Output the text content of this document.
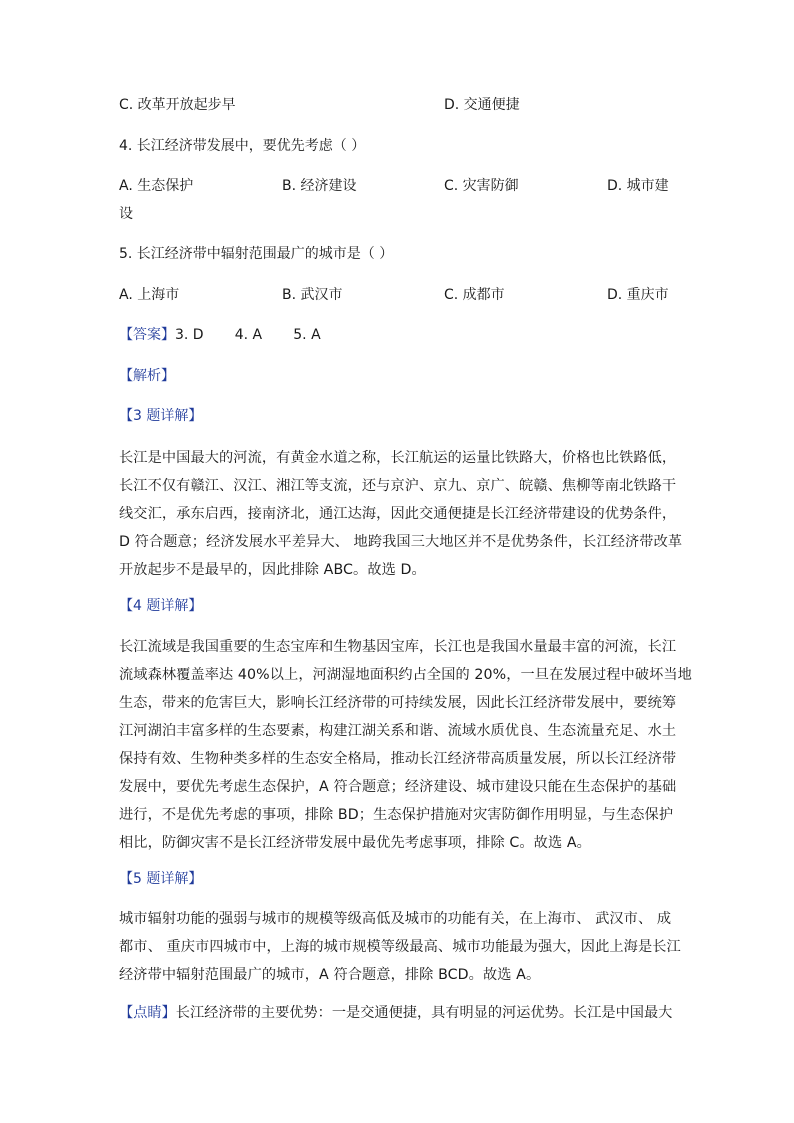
C. 改革开放起步早	D. 交通便捷
4. 长江经济带发展中，要优先考虑（ ）
A. 生态保护	B. 经济建设	C. 灾害防御	D. 城市建
设
5. 长江经济带中辐射范围最广的城市是（ ）
A. 上海市	B. 武汉市	C. 成都市	D. 重庆市
【答案】3. D       4. A       5. A
【解析】
【3 题详解】
长江是中国最大的河流，有黄金水道之称，长江航运的运量比铁路大，价格也比铁路低，
长江不仅有赣江、汉江、湘江等支流，还与京沪、京九、京广、皖赣、焦柳等南北铁路干
线交汇，承东启西，接南济北，通江达海，因此交通便捷是长江经济带建设的优势条件，
D 符合题意；经济发展水平差异大、 地跨我国三大地区并不是优势条件，长江经济带改革
开放起步不是最早的，因此排除 ABC。故选 D。
【4 题详解】
长江流域是我国重要的生态宝库和生物基因宝库，长江也是我国水量最丰富的河流，长江
流域森林覆盖率达 40%以上，河湖湿地面积约占全国的 20%，一旦在发展过程中破坏当地
生态，带来的危害巨大，影响长江经济带的可持续发展，因此长江经济带发展中，要统筹
江河湖泊丰富多样的生态要素，构建江湖关系和谐、流域水质优良、生态流量充足、水土
保持有效、生物种类多样的生态安全格局，推动长江经济带高质量发展，所以长江经济带
发展中，要优先考虑生态保护，A 符合题意；经济建设、城市建设只能在生态保护的基础
进行，不是优先考虑的事项，排除 BD；生态保护措施对灾害防御作用明显，与生态保护
相比，防御灾害不是长江经济带发展中最优先考虑事项，排除 C。故选 A。
【5 题详解】
城市辐射功能的强弱与城市的规模等级高低及城市的功能有关，在上海市、 武汉市、 成
都市、 重庆市四城市中，上海的城市规模等级最高、城市功能最为强大，因此上海是长江
经济带中辐射范围最广的城市，A 符合题意，排除 BCD。故选 A。
【点睛】长江经济带的主要优势：一是交通便捷，具有明显的河运优势。长江是中国最大
